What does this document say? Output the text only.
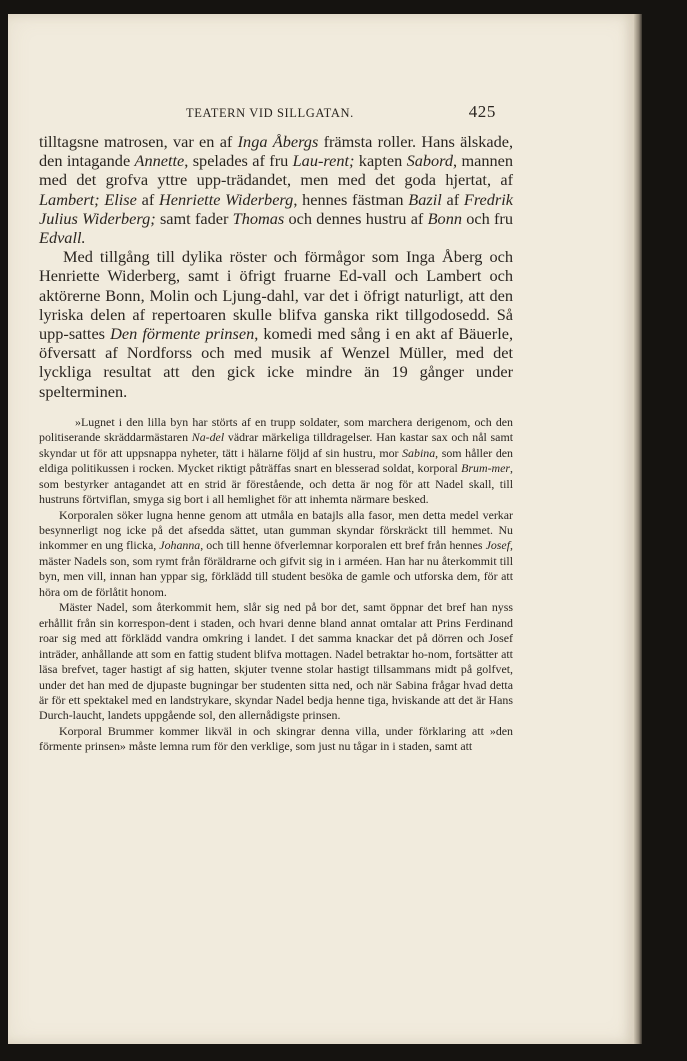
TEATERN VID SILLGATAN.	425

tilltagsne matrosen, var en af Inga Åbergs främsta roller. Hans älskade, den intagande Annette, spelades af fru Lau-rent; kapten Sabord, mannen med det grofva yttre upp-trädandet, men med det goda hjertat, af Lambert; Elise af Henriette Widerberg, hennes fästman Bazil af Fredrik Julius Widerberg; samt fader Thomas och dennes hustru af Bonn och fru Edvall.

Med tillgång till dylika röster och förmågor som Inga Åberg och Henriette Widerberg, samt i öfrigt fruarne Ed-vall och Lambert och aktörerne Bonn, Molin och Ljung-dahl, var det i öfrigt naturligt, att den lyriska delen af repertoaren skulle blifva ganska rikt tillgodosedd. Så upp-sattes Den förmente prinsen, komedi med sång i en akt af Bäuerle, öfversatt af Nordforss och med musik af Wenzel Müller, med det lyckliga resultat att den gick icke mindre än 19 gånger under spelterminen.

»Lugnet i den lilla byn har störts af en trupp soldater, som marchera derigenom, och den politiserande skräddarmästaren Na-del vädrar märkeliga tilldragelser. Han kastar sax och nål samt skyndar ut för att uppsnappa nyheter, tätt i hälarne följd af sin hustru, mor Sabina, som håller den eldiga politikussen i rocken. Mycket riktigt påträffas snart en blesserad soldat, korporal Brum-mer, som bestyrker antagandet att en strid är förestående, och detta är nog för att Nadel skall, till hustruns förtviflan, smyga sig bort i all hemlighet för att inhemta närmare besked.

Korporalen söker lugna henne genom att utmåla en batajls alla fasor, men detta medel verkar besynnerligt nog icke på det afsedda sättet, utan gumman skyndar förskräckt till hemmet. Nu inkommer en ung flicka, Johanna, och till henne öfverlemnar korporalen ett bref från hennes Josef, mäster Nadels son, som rymt från föräldrarne och gifvit sig in i arméen. Han har nu återkommit till byn, men vill, innan han yppar sig, förklädd till student besöka de gamle och utforska dem, för att höra om de förlåtit honom.

Mäster Nadel, som återkommit hem, slår sig ned på bor det, samt öppnar det bref han nyss erhållit från sin korrespon-dent i staden, och hvari denne bland annat omtalar att Prins Ferdinand roar sig med att förklädd vandra omkring i landet. I det samma knackar det på dörren och Josef inträder, anhållande att som en fattig student blifva mottagen. Nadel betraktar ho-nom, fortsätter att läsa brefvet, tager hastigt af sig hatten, skjuter tvenne stolar hastigt tillsammans midt på golfvet, under det han med de djupaste bugningar ber studenten sitta ned, och när Sabina frågar hvad detta är för ett spektakel med en landstrykare, skyndar Nadel bedja henne tiga, hviskande att det är Hans Durch-laucht, landets uppgående sol, den allernådigste prinsen.

Korporal Brummer kommer likväl in och skingrar denna villa, under förklaring att »den förmente prinsen» måste lemna rum för den verklige, som just nu tågar in i staden, samt att
